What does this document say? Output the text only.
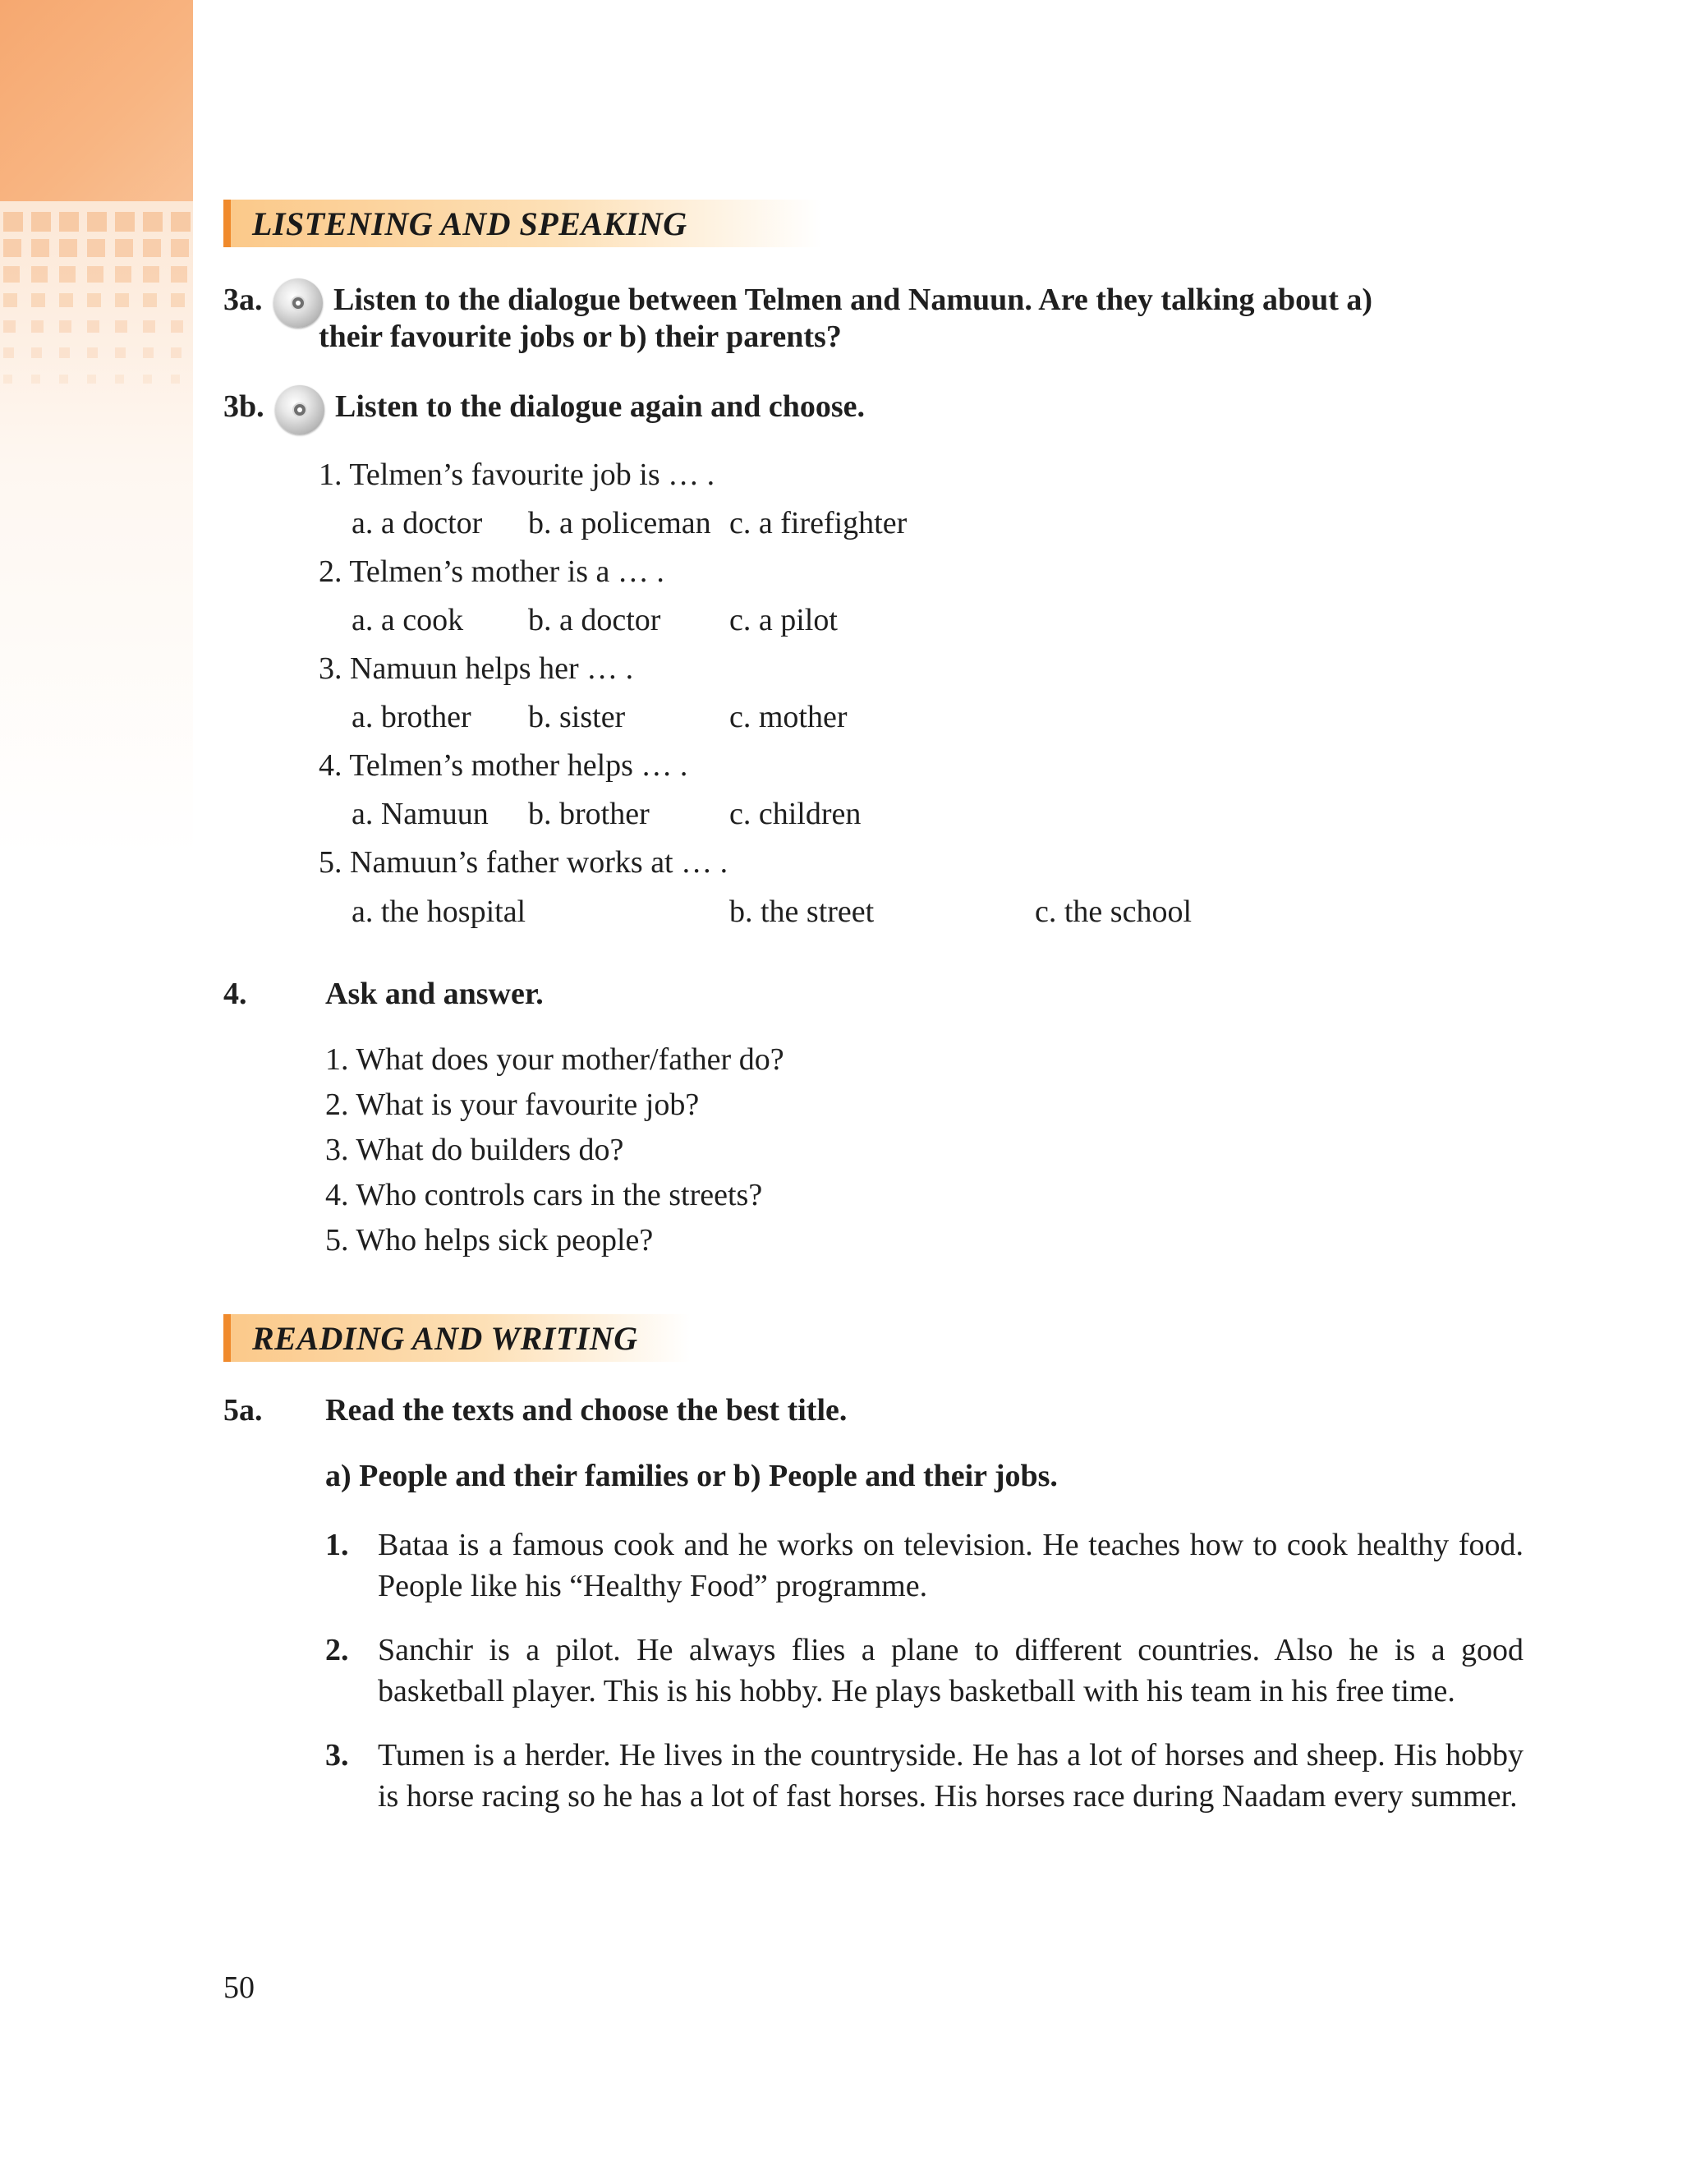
LISTENING AND SPEAKING
3a. Listen to the dialogue between Telmen and Namuun. Are they talking about a)
their favourite jobs or b) their parents?
3b. Listen to the dialogue again and choose.
1. Telmen’s favourite job is … .
a. a doctor b. a policeman c. a firefighter
2. Telmen’s mother is a … .
a. a cook b. a doctor c. a pilot
3. Namuun helps her … .
a. brother b. sister	c. mother
4. Telmen’s mother helps … .
a. Namuun b. brother	c. children
5. Namuun’s father works at … .
a. the hospital	b. the street	c. the school
4.	Ask and answer.
1. What does your mother/father do?
2. What is your favourite job?
3. What do builders do?
4. Who controls cars in the streets?
5. Who helps sick people?
READING AND WRITING
5a. Read the texts and choose the best title.
a) People and their families or b) People and their jobs.
1. Bataa is a famous cook and he works on television. He teaches how to cook healthy food. People like his “Healthy Food” programme.
2. Sanchir is a pilot. He always flies a plane to different countries. Also he is a good basketball player. This is his hobby. He plays basketball with his team in his free time.
3. Tumen is a herder. He lives in the countryside. He has a lot of horses and sheep. His hobby is horse racing so he has a lot of fast horses. His horses race during Naadam every summer.
50
